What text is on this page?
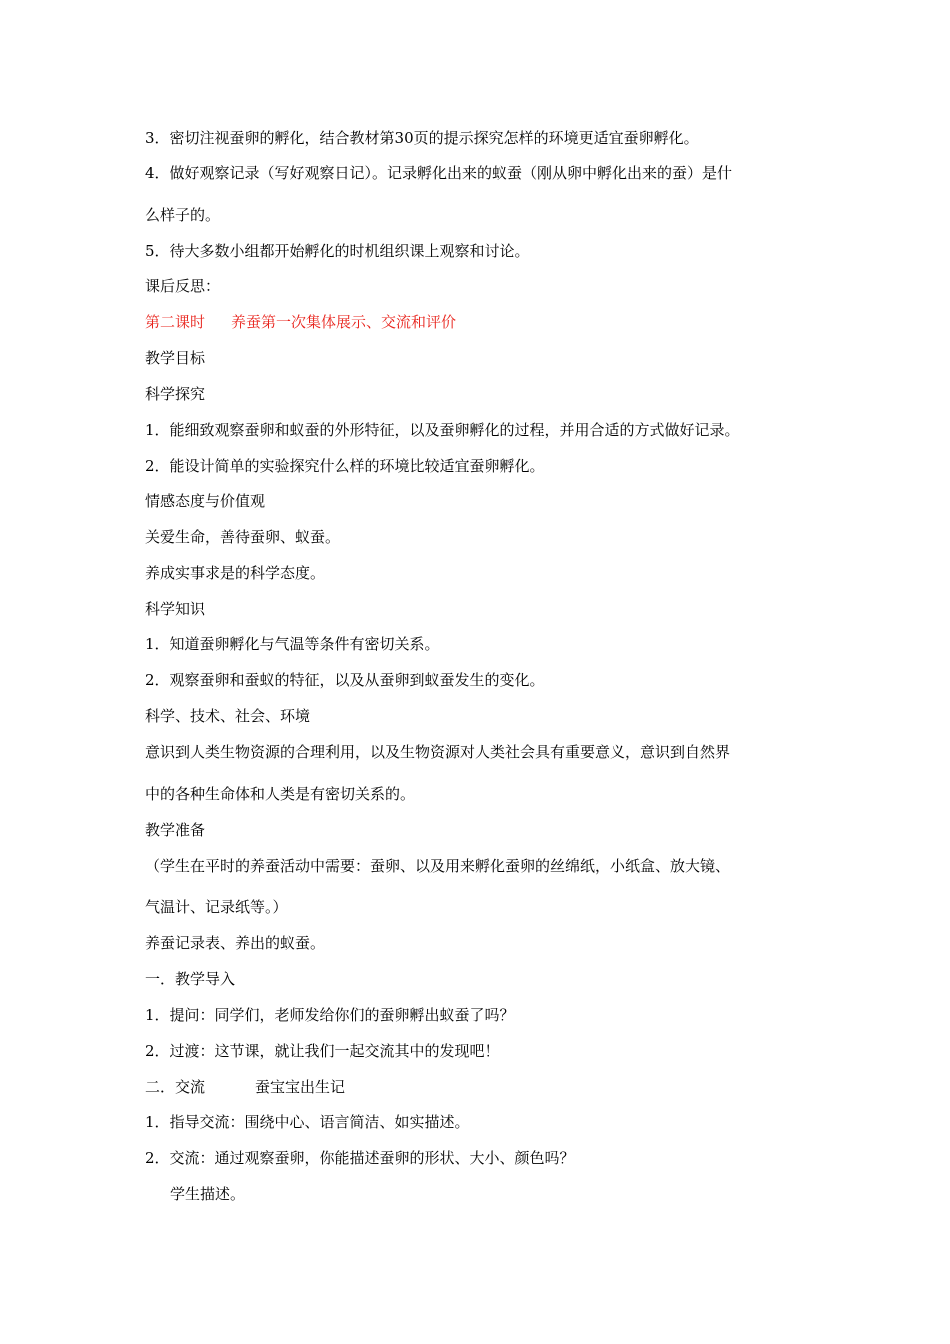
3．密切注视蚕卵的孵化，结合教材第30页的提示探究怎样的环境更适宜蚕卵孵化。
4．做好观察记录（写好观察日记）。记录孵化出来的蚁蚕（刚从卵中孵化出来的蚕）是什
么样子的。
5．待大多数小组都开始孵化的时机组织课上观察和讨论。
课后反思：
第二课时 养蚕第一次集体展示、交流和评价
教学目标
科学探究
1．能细致观察蚕卵和蚁蚕的外形特征，以及蚕卵孵化的过程，并用合适的方式做好记录。
2．能设计简单的实验探究什么样的环境比较适宜蚕卵孵化。
情感态度与价值观
关爱生命，善待蚕卵、蚁蚕。
养成实事求是的科学态度。
科学知识
1．知道蚕卵孵化与气温等条件有密切关系。
2．观察蚕卵和蚕蚁的特征，以及从蚕卵到蚁蚕发生的变化。
科学、技术、社会、环境
意识到人类生物资源的合理利用，以及生物资源对人类社会具有重要意义，意识到自然界
中的各种生命体和人类是有密切关系的。
教学准备
（学生在平时的养蚕活动中需要：蚕卵、以及用来孵化蚕卵的丝绵纸，小纸盒、放大镜、
气温计、记录纸等。）
养蚕记录表、养出的蚁蚕。
一．教学导入
1．提问：同学们，老师发给你们的蚕卵孵出蚁蚕了吗？
2．过渡：这节课，就让我们一起交流其中的发现吧！
二．交流	蚕宝宝出生记
1．指导交流：围绕中心、语言简洁、如实描述。
2．交流：通过观察蚕卵，你能描述蚕卵的形状、大小、颜色吗？
学生描述。
